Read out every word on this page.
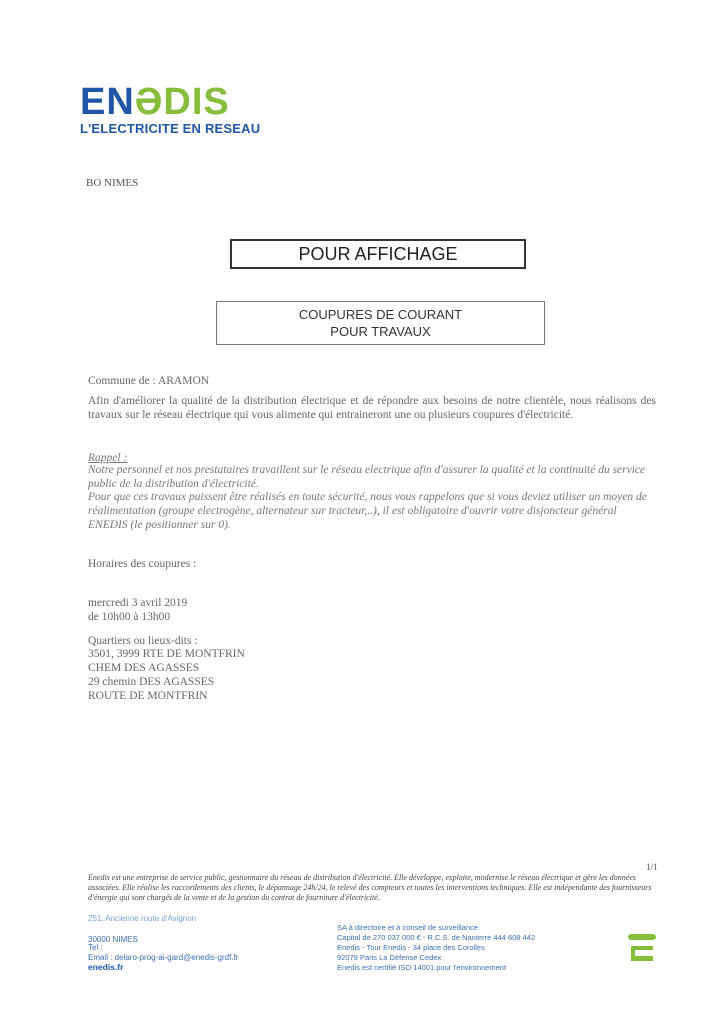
ENƏDIS
L'ELECTRICITE EN RESEAU
BO NIMES
POUR AFFICHAGE
COUPURES DE COURANT
POUR TRAVAUX
Commune de : ARAMON
Afin d'améliorer la qualité de la distribution électrique et de répondre aux besoins de notre clientèle, nous réalisons des travaux sur le réseau électrique qui vous alimente qui entraineront une ou plusieurs coupures d'électricité.
Rappel :
Notre personnel et nos prestataires travaillent sur le réseau electrique afin d'assurer la qualité et la continuité du service public de la distribution d'électricité.
Pour que ces travaux puissent être réalisés en toute sécurité, nous vous rappelons que si vous deviez utiliser un moyen de réalimentation (groupe electrogène, alternateur sur tracteur,..), il est obligatoire d'ouvrir votre disjoncteur général ENEDIS (le positionner sur 0).
Horaires des coupures :
mercredi 3 avril 2019
de 10h00 à 13h00
Quartiers ou lieux-dits :
3501, 3999 RTE DE MONTFRIN
CHEM DES AGASSES
29 chemin DES AGASSES
ROUTE DE MONTFRIN
1/1
Enedis est une entreprise de service public, gestionnaire du réseau de distribution d'électricité. Elle développe, exploite, modernise le réseau électrique et gère les données associées. Elle réalise les raccordements des clients, le dépannage 24h/24, le relevé des compteurs et toutes les interventions techniques. Elle est indépendante des fournisseurs d'énergie qui sont chargés de la vente et de la gestion du contrat de fourniture d'électricité.
251, Ancienne route d'Avignon
30000 NIMES
Tel :
Email : delaro-prog-ai-gard@enedis-grdf.fr
enedis.fr
SA à directoire et à conseil de surveillance
Capital de 270 037 000 € - R.C.S. de Nanterre 444 608 442
Enedis - Tour Enedis - 34 place des Corolles
92079 Paris La Défense Cedex
Enedis est certifié ISO 14001 pour l'environnement
